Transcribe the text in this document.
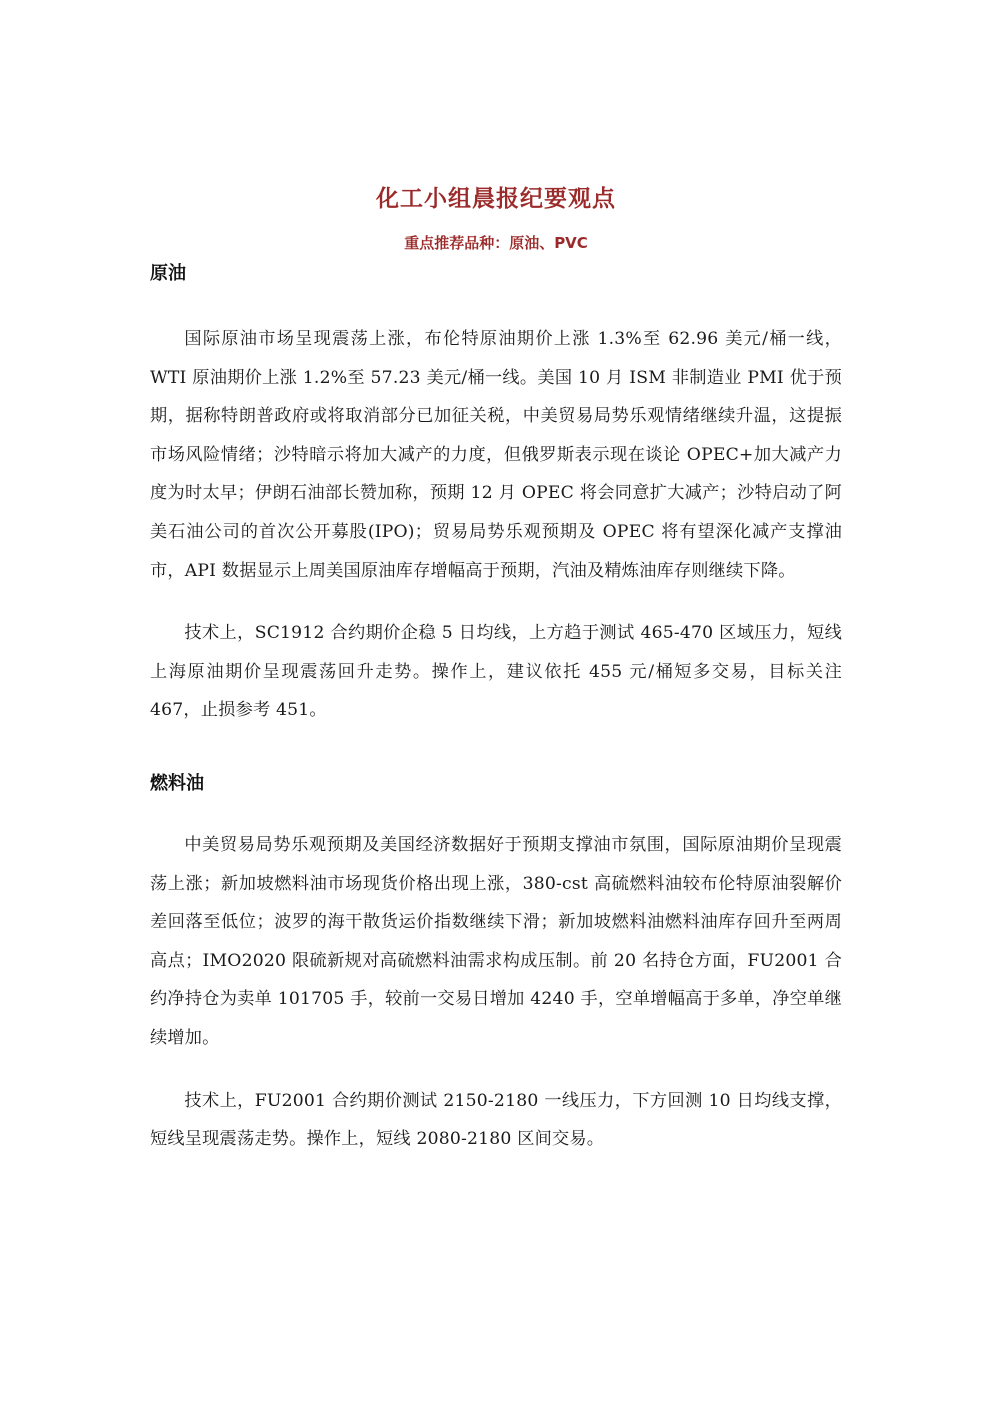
化工小组晨报纪要观点
重点推荐品种：原油、PVC
原油

国际原油市场呈现震荡上涨，布伦特原油期价上涨 1.3%至 62.96 美元/桶一线，WTI 原油期价上涨 1.2%至 57.23 美元/桶一线。美国 10 月 ISM 非制造业 PMI 优于预期，据称特朗普政府或将取消部分已加征关税，中美贸易局势乐观情绪继续升温，这提振市场风险情绪；沙特暗示将加大减产的力度，但俄罗斯表示现在谈论 OPEC+加大减产力度为时太早；伊朗石油部长赞加称，预期 12 月 OPEC 将会同意扩大减产；沙特启动了阿美石油公司的首次公开募股(IPO)；贸易局势乐观预期及 OPEC 将有望深化减产支撑油市，API 数据显示上周美国原油库存增幅高于预期，汽油及精炼油库存则继续下降。

技术上，SC1912 合约期价企稳 5 日均线，上方趋于测试 465-470 区域压力，短线上海原油期价呈现震荡回升走势。操作上，建议依托 455 元/桶短多交易，目标关注 467，止损参考 451。

燃料油

中美贸易局势乐观预期及美国经济数据好于预期支撑油市氛围，国际原油期价呈现震荡上涨；新加坡燃料油市场现货价格出现上涨，380-cst 高硫燃料油较布伦特原油裂解价差回落至低位；波罗的海干散货运价指数继续下滑；新加坡燃料油燃料油库存回升至两周高点；IMO2020 限硫新规对高硫燃料油需求构成压制。前 20 名持仓方面，FU2001 合约净持仓为卖单 101705 手，较前一交易日增加 4240 手，空单增幅高于多单，净空单继续增加。

技术上，FU2001 合约期价测试 2150-2180 一线压力，下方回测 10 日均线支撑，短线呈现震荡走势。操作上，短线 2080-2180 区间交易。
